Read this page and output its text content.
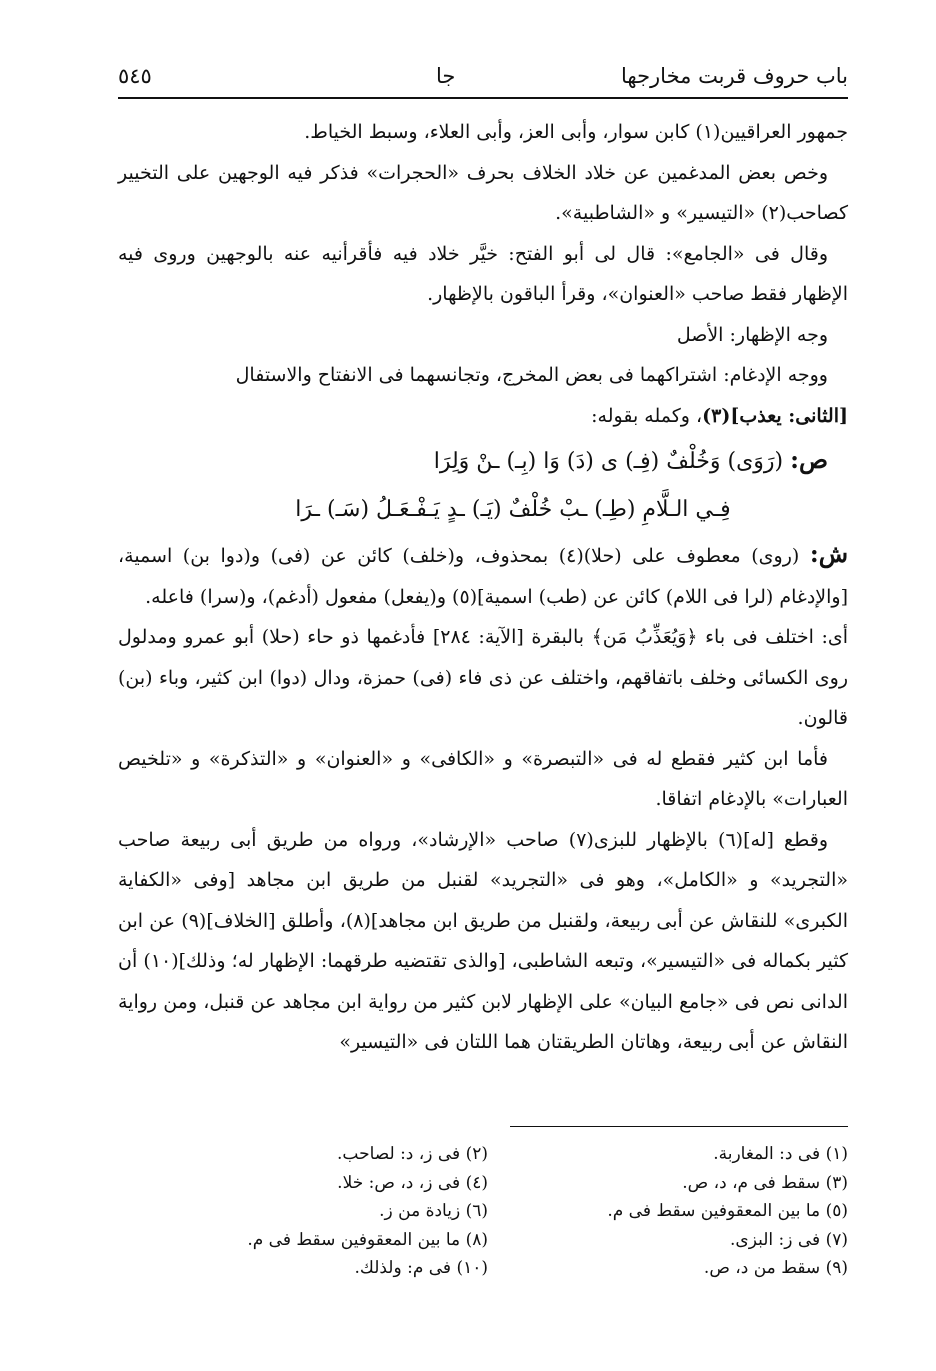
باب حروف قربت مخارجها
جا
٥٤٥

جمهور العراقيين(١) كابن سوار، وأبى العز، وأبى العلاء، وسبط الخياط.

وخص بعض المدغمين عن خلاد الخلاف بحرف «الحجرات» فذكر فيه الوجهين على التخيير كصاحب(٢) «التيسير» و «الشاطبية».

وقال فى «الجامع»: قال لى أبو الفتح: خيَّر خلاد فيه فأقرأنيه عنه بالوجهين وروى فيه الإظهار فقط صاحب «العنوان»، وقرأ الباقون بالإظهار.

وجه الإظهار: الأصل

ووجه الإدغام: اشتراكهما فى بعض المخرج، وتجانسهما فى الانفتاح والاستفال

[الثانى: يعذب](٣)، وكمله بقوله:

ص: (رَوَى) وَخُلْفٌ (فِـ) ى (دَ) وَا (بِـ) ـنْ وَلِرَا

فِـي الـلَّامِ (طِـ) ـبْ خُلْفٌ (يَـ) ـدٍ يَـفْـعَـلُ (سَـ) ـرَا

ش: (روى) معطوف على (حلا)(٤) بمحذوف، و(خلف) كائن عن (فى) و(دوا بن) اسمية، [والإدغام (لرا فى اللام) كائن عن (طب) اسمية](٥) و(يفعل) مفعول (أدغم)، و(سرا) فاعله.

أى: اختلف فى باء ﴿وَيُعَذِّبُ مَن﴾ بالبقرة [الآية: ٢٨٤] فأدغمها ذو حاء (حلا) أبو عمرو ومدلول روى الكسائى وخلف باتفاقهم، واختلف عن ذى فاء (فى) حمزة، ودال (دوا) ابن كثير، وباء (بن) قالون.

فأما ابن كثير فقطع له فى «التبصرة» و «الكافى» و «العنوان» و «التذكرة» و «تلخيص العبارات» بالإدغام اتفاقا.

وقطع [له](٦) بالإظهار للبزى(٧) صاحب «الإرشاد»، ورواه من طريق أبى ربيعة صاحب «التجريد» و «الكامل»، وهو فى «التجريد» لقنبل من طريق ابن مجاهد [وفى «الكفاية الكبرى» للنقاش عن أبى ربيعة، ولقنبل من طريق ابن مجاهد](٨)، وأطلق [الخلاف](٩) عن ابن كثير بكماله فى «التيسير»، وتبعه الشاطبى، [والذى تقتضيه طرقهما: الإظهار له؛ وذلك](١٠) أن الدانى نص فى «جامع البيان» على الإظهار لابن كثير من رواية ابن مجاهد عن قنبل، ومن رواية النقاش عن أبى ربيعة، وهاتان الطريقتان هما اللتان فى «التيسير»

(١) فى د: المغاربة.
(٣) سقط فى م، د، ص.
(٥) ما بين المعقوفين سقط فى م.
(٧) فى ز: البزى.
(٩) سقط من د، ص.
(٢) فى ز، د: لصاحب.
(٤) فى ز، د، ص: خلا.
(٦) زيادة من ز.
(٨) ما بين المعقوفين سقط فى م.
(١٠) فى م: ولذلك.
